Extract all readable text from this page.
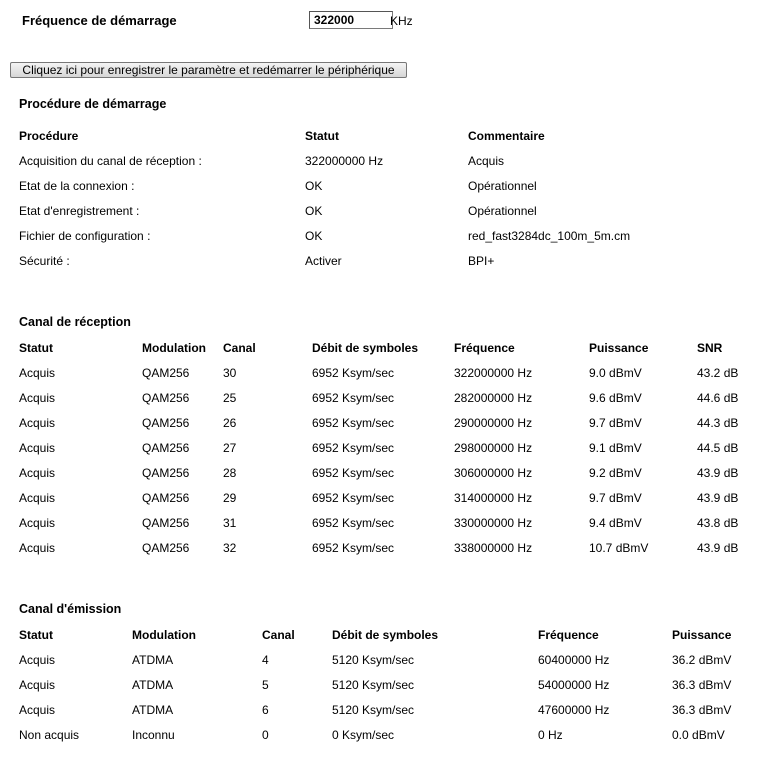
Fréquence de démarrage
322000	KHz
Cliquez ici pour enregistrer le paramètre et redémarrer le périphérique
Procédure de démarrage
Procédure	Statut	Commentaire
Acquisition du canal de réception :	322000000 Hz	Acquis
Etat de la connexion :	OK	Opérationnel
Etat d'enregistrement :	OK	Opérationnel
Fichier de configuration :	OK	red_fast3284dc_100m_5m.cm
Sécurité :	Activer	BPI+
Canal de réception
Statut	Modulation	Canal	Débit de symboles	Fréquence	Puissance	SNR
Acquis	QAM256	30	6952 Ksym/sec	322000000 Hz	9.0 dBmV	43.2 dB
Acquis	QAM256	25	6952 Ksym/sec	282000000 Hz	9.6 dBmV	44.6 dB
Acquis	QAM256	26	6952 Ksym/sec	290000000 Hz	9.7 dBmV	44.3 dB
Acquis	QAM256	27	6952 Ksym/sec	298000000 Hz	9.1 dBmV	44.5 dB
Acquis	QAM256	28	6952 Ksym/sec	306000000 Hz	9.2 dBmV	43.9 dB
Acquis	QAM256	29	6952 Ksym/sec	314000000 Hz	9.7 dBmV	43.9 dB
Acquis	QAM256	31	6952 Ksym/sec	330000000 Hz	9.4 dBmV	43.8 dB
Acquis	QAM256	32	6952 Ksym/sec	338000000 Hz	10.7 dBmV	43.9 dB
Canal d'émission
Statut	Modulation	Canal	Débit de symboles	Fréquence	Puissance
Acquis	ATDMA	4	5120 Ksym/sec	60400000 Hz	36.2 dBmV
Acquis	ATDMA	5	5120 Ksym/sec	54000000 Hz	36.3 dBmV
Acquis	ATDMA	6	5120 Ksym/sec	47600000 Hz	36.3 dBmV
Non acquis	Inconnu	0	0 Ksym/sec	0 Hz	0.0 dBmV
